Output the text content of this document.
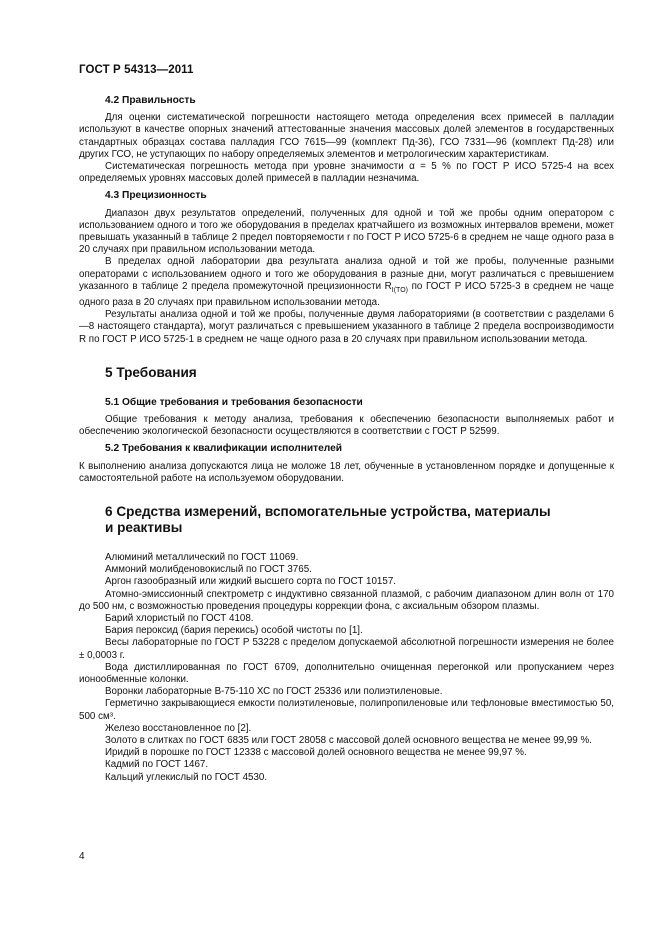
ГОСТ Р 54313—2011
4.2 Правильность

Для оценки систематической погрешности настоящего метода определения всех примесей в палладии используют в качестве опорных значений аттестованные значения массовых долей элементов в государственных стандартных образцах состава палладия ГСО 7615—99 (комплект Пд-36), ГСО 7331—96 (комплект Пд-28) или других ГСО, не уступающих по набору определяемых элементов и метрологическим характеристикам.

Систематическая погрешность метода при уровне значимости α = 5 % по ГОСТ Р ИСО 5725-4 на всех определяемых уровнях массовых долей примесей в палладии незначима.

4.3 Прецизионность

Диапазон двух результатов определений, полученных для одной и той же пробы одним оператором с использованием одного и того же оборудования в пределах кратчайшего из возможных интервалов времени, может превышать указанный в таблице 2 предел повторяемости r по ГОСТ Р ИСО 5725-6 в среднем не чаще одного раза в 20 случаях при правильном использовании метода.

В пределах одной лаборатории два результата анализа одной и той же пробы, полученные разными операторами с использованием одного и того же оборудования в разные дни, могут различаться с превышением указанного в таблице 2 предела промежуточной прецизионности $R_{I(TO)}$ по ГОСТ Р ИСО 5725-3 в среднем не чаще одного раза в 20 случаях при правильном использовании метода.

Результаты анализа одной и той же пробы, полученные двумя лабораториями (в соответствии с разделами 6—8 настоящего стандарта), могут различаться с превышением указанного в таблице 2 предела воспроизводимости R по ГОСТ Р ИСО 5725-1 в среднем не чаще одного раза в 20 случаях при правильном использовании метода.

5 Требования
5.1 Общие требования и требования безопасности

Общие требования к методу анализа, требования к обеспечению безопасности выполняемых работ и обеспечению экологической безопасности осуществляются в соответствии с ГОСТ Р 52599.

5.2 Требования к квалификации исполнителей

К выполнению анализа допускаются лица не моложе 18 лет, обученные в установленном порядке и допущенные к самостоятельной работе на используемом оборудовании.

6 Средства измерений, вспомогательные устройства, материалы
и реактивы

Алюминий металлический по ГОСТ 11069.

Аммоний молибденовокислый по ГОСТ 3765.

Аргон газообразный или жидкий высшего сорта по ГОСТ 10157.

Атомно-эмиссионный спектрометр с индуктивно связанной плазмой, с рабочим диапазоном длин волн от 170 до 500 нм, с возможностью проведения процедуры коррекции фона, с аксиальным обзором плазмы.

Барий хлористый по ГОСТ 4108.

Бария пероксид (бария перекись) особой чистоты по [1].

Весы лабораторные по ГОСТ Р 53228 с пределом допускаемой абсолютной погрешности измерения не более ± 0,0003 г.

Вода дистиллированная по ГОСТ 6709, дополнительно очищенная перегонкой или пропусканием через ионообменные колонки.

Воронки лабораторные В-75-110 ХС по ГОСТ 25336 или полиэтиленовые.

Герметично закрывающиеся емкости полиэтиленовые, полипропиленовые или тефлоновые вместимостью 50, 500 см³.

Железо восстановленное по [2].

Золото в слитках по ГОСТ 6835 или ГОСТ 28058 с массовой долей основного вещества не менее 99,99 %.

Иридий в порошке по ГОСТ 12338 с массовой долей основного вещества не менее 99,97 %.

Кадмий по ГОСТ 1467.

Кальций углекислый по ГОСТ 4530.

4
